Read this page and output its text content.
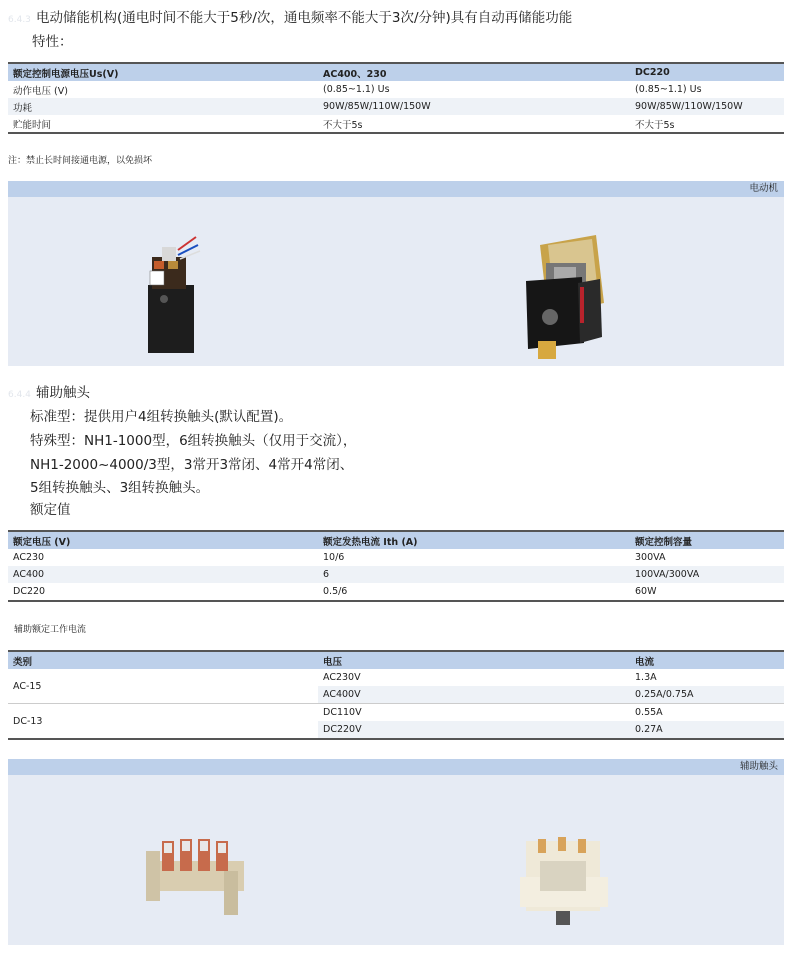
6.4.3 电动储能机构(通电时间不能大于5秒/次，通电频率不能大于3次/分钟)具有自动再储能功能
特性：
额定控制电源电压Us(V)	AC400、230	DC220
动作电压 (V)	(0.85~1.1) Us	(0.85~1.1) Us
功耗	90W/85W/110W/150W	90W/85W/110W/150W
贮能时间	不大于5s	不大于5s
注：禁止长时间接通电源，以免损坏
电动机
6.4.4 辅助触头
标准型：提供用户4组转换触头(默认配置)。
特殊型：NH1-1000型，6组转换触头（仅用于交流），
NH1-2000~4000/3型，3常开3常闭、4常开4常闭、
5组转换触头、3组转换触头。
额定值
额定电压 (V)	额定发热电流 Ith (A)	额定控制容量
AC230	10/6	300VA
AC400	6	100VA/300VA
DC220	0.5/6	60W
辅助额定工作电流
类别	电压	电流
AC-15	AC230V	1.3A
	AC400V	0.25A/0.75A
DC-13	DC110V	0.55A
	DC220V	0.27A
辅助触头
